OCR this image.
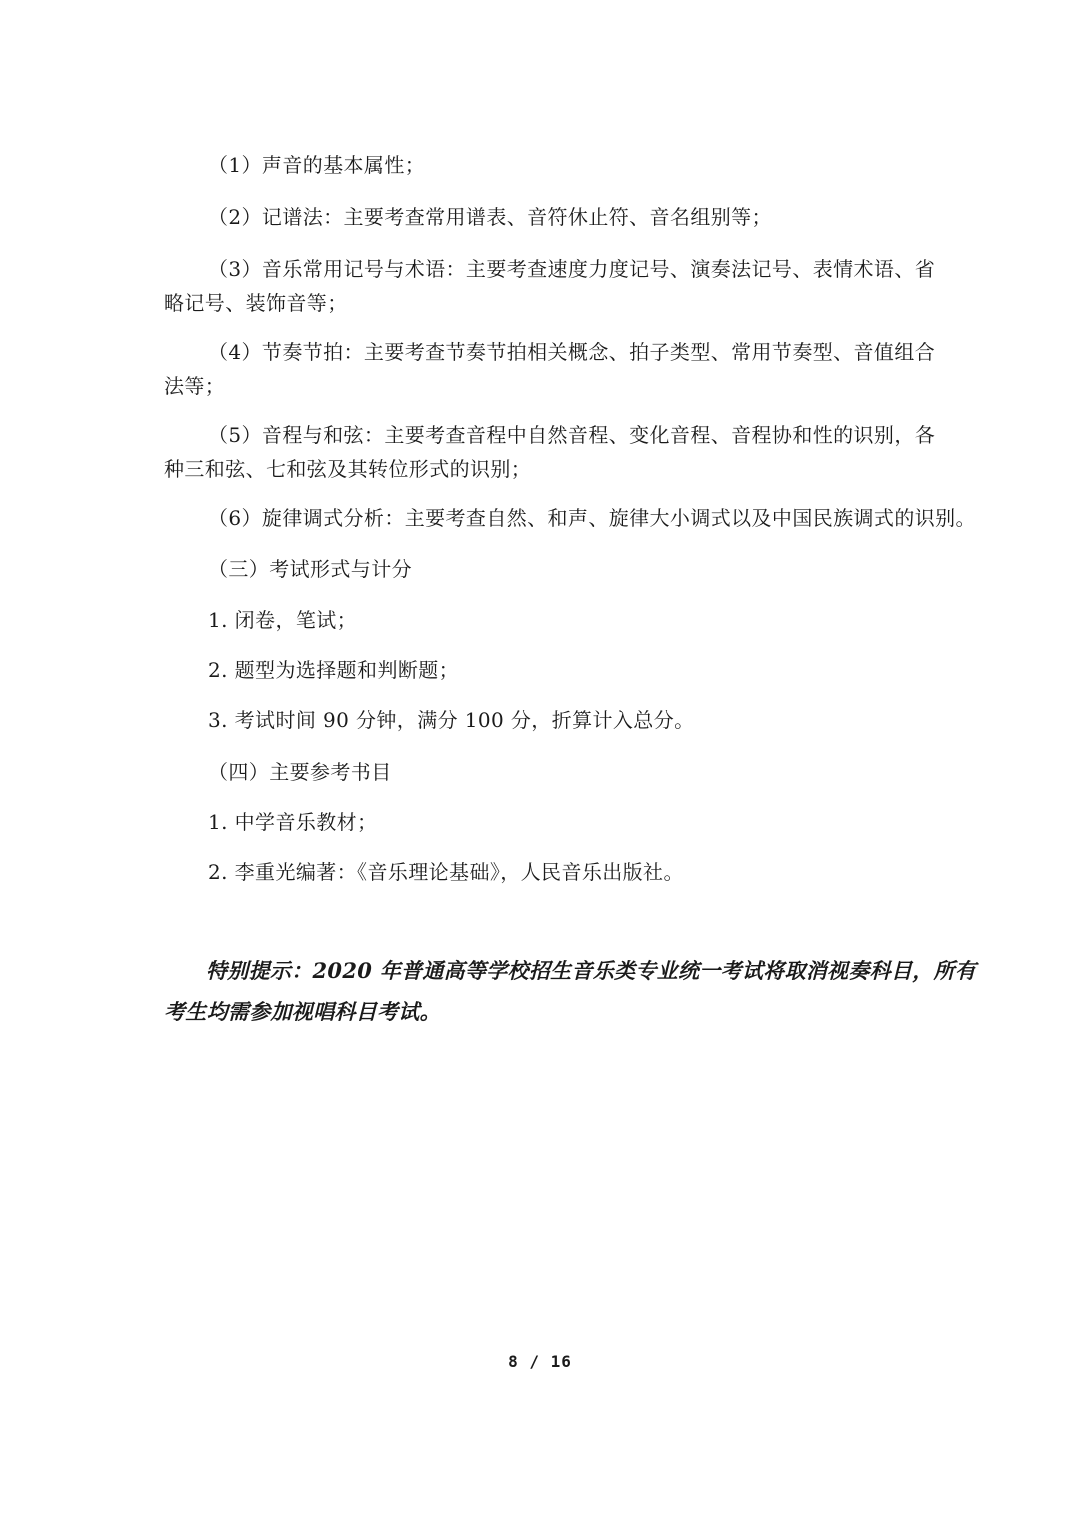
（1）声音的基本属性；
（2）记谱法：主要考查常用谱表、音符休止符、音名组别等；
（3）音乐常用记号与术语：主要考查速度力度记号、演奏法记号、表情术语、省
略记号、装饰音等；
（4）节奏节拍：主要考查节奏节拍相关概念、拍子类型、常用节奏型、音值组合
法等；
（5）音程与和弦：主要考查音程中自然音程、变化音程、音程协和性的识别，各
种三和弦、七和弦及其转位形式的识别；
（6）旋律调式分析：主要考查自然、和声、旋律大小调式以及中国民族调式的识别。
（三）考试形式与计分
1. 闭卷，笔试；
2. 题型为选择题和判断题；
3. 考试时间 90 分钟，满分 100 分，折算计入总分。
（四）主要参考书目
1. 中学音乐教材；
2. 李重光编著：《音乐理论基础》，人民音乐出版社。
特别提示：2020 年普通高等学校招生音乐类专业统一考试将取消视奏科目，所有
考生均需参加视唱科目考试。
8 / 16
